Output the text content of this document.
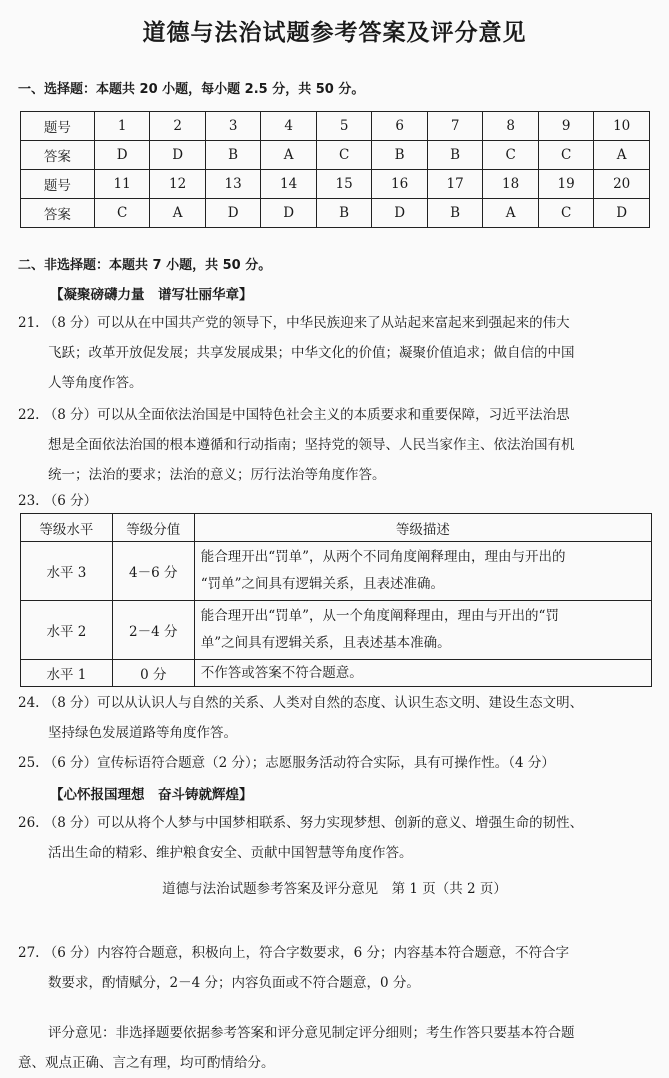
道德与法治试题参考答案及评分意见
一、选择题：本题共 20 小题，每小题 2.5 分，共 50 分。
题号	1	2	3	4	5	6	7	8	9	10
答案	D	D	B	A	C	B	B	C	C	A
题号	11	12	13	14	15	16	17	18	19	20
答案	C	A	D	D	B	D	B	A	C	D
二、非选择题：本题共 7 小题，共 50 分。
【凝聚磅礴力量　谱写壮丽华章】
21. （8 分）可以从在中国共产党的领导下，中华民族迎来了从站起来富起来到强起来的伟大
飞跃；改革开放促发展；共享发展成果；中华文化的价值；凝聚价值追求；做自信的中国
人等角度作答。
22. （8 分）可以从全面依法治国是中国特色社会主义的本质要求和重要保障，习近平法治思
想是全面依法治国的根本遵循和行动指南；坚持党的领导、人民当家作主、依法治国有机
统一；法治的要求；法治的意义；厉行法治等角度作答。
23. （6 分）
等级水平	等级分值	等级描述
水平 3	4－6 分	能合理开出“罚单”，从两个不同角度阐释理由，理由与开出的
“罚单”之间具有逻辑关系，且表述准确。

水平 2	2－4 分	能合理开出“罚单”，从一个角度阐释理由，理由与开出的“罚
单”之间具有逻辑关系，且表述基本准确。

水平 1	0 分	不作答或答案不符合题意。
24. （8 分）可以从认识人与自然的关系、人类对自然的态度、认识生态文明、建设生态文明、
坚持绿色发展道路等角度作答。
25. （6 分）宣传标语符合题意（2 分）；志愿服务活动符合实际，具有可操作性。（4 分）
【心怀报国理想　奋斗铸就辉煌】
26. （8 分）可以从将个人梦与中国梦相联系、努力实现梦想、创新的意义、增强生命的韧性、
活出生命的精彩、维护粮食安全、贡献中国智慧等角度作答。
道德与法治试题参考答案及评分意见　第 1 页（共 2 页）
27. （6 分）内容符合题意，积极向上，符合字数要求，6 分；内容基本符合题意，不符合字
数要求，酌情赋分，2－4 分；内容负面或不符合题意，0 分。
评分意见：非选择题要依据参考答案和评分意见制定评分细则；考生作答只要基本符合题
意、观点正确、言之有理，均可酌情给分。
